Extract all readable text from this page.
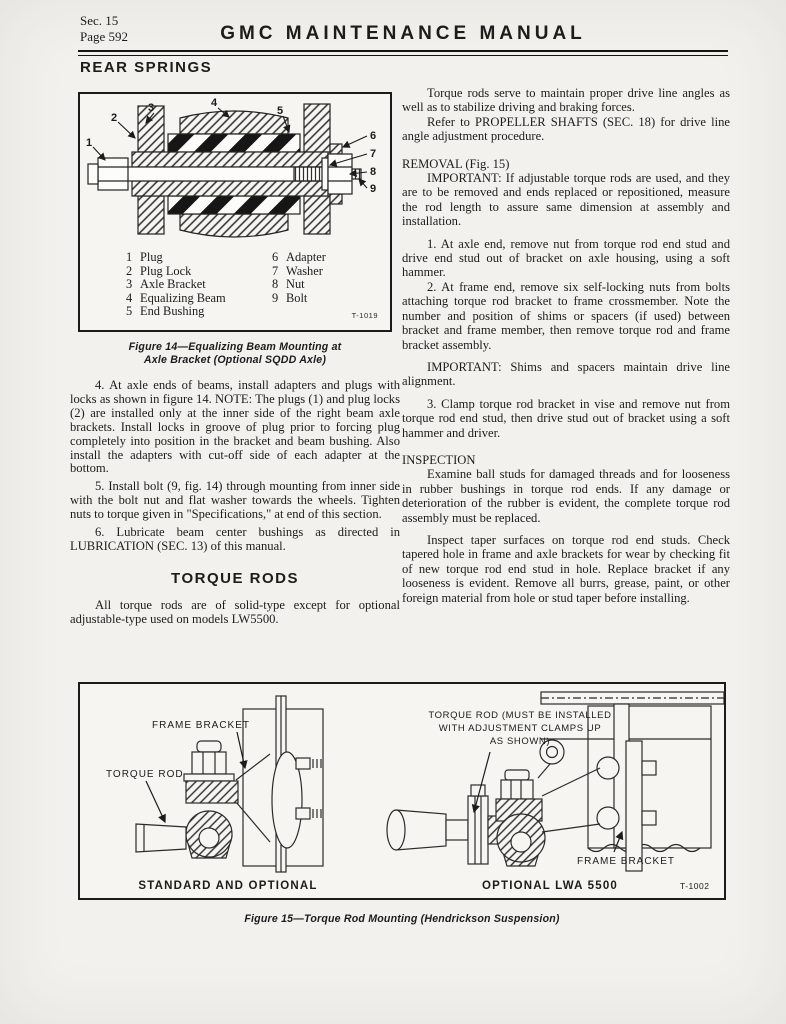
Sec. 15
Page 592	GMC MAINTENANCE MANUAL
REAR SPRINGS
1
2
3	4
5
6
7
8
9
1 Plug
2 Plug Lock
3 Axle Bracket
4 Equalizing Beam
5 End Bushing
6 Adapter
7 Washer
8 Nut
9 Bolt
T-1019
Figure 14—Equalizing Beam Mounting at
Axle Bracket (Optional SQDD Axle)

4. At axle ends of beams, install adapters and plugs with locks as shown in figure 14. NOTE: The plugs (1) and plug locks (2) are installed only at the inner side of the right beam axle brackets. Install locks in groove of plug prior to forcing plug completely into position in the bracket and beam bushing. Also install the adapters with cut-off side of each adapter at the bottom.

5. Install bolt (9, fig. 14) through mounting from inner side with the bolt nut and flat washer towards the wheels. Tighten nuts to torque given in "Specifications," at end of this section.

6. Lubricate beam center bushings as directed in LUBRICATION (SEC. 13) of this manual.

TORQUE RODS

All torque rods are of solid-type except for optional adjustable-type used on models LW5500.

Torque rods serve to maintain proper drive line angles as well as to stabilize driving and braking forces.

Refer to PROPELLER SHAFTS (SEC. 18) for drive line angle adjustment procedure.

REMOVAL (Fig. 15)

IMPORTANT: If adjustable torque rods are used, and they are to be removed and ends replaced or repositioned, measure the rod length to assure same dimension at assembly and installation.

1. At axle end, remove nut from torque rod end stud and drive end stud out of bracket on axle housing, using a soft hammer.

2. At frame end, remove six self-locking nuts from bolts attaching torque rod bracket to frame crossmember. Note the number and position of shims or spacers (if used) between bracket and frame member, then remove torque rod and frame bracket assembly.

IMPORTANT: Shims and spacers maintain drive line alignment.

3. Clamp torque rod bracket in vise and remove nut from torque rod end stud, then drive stud out of bracket using a soft hammer and driver.

INSPECTION

Examine ball studs for damaged threads and for looseness in rubber bushings in torque rod ends. If any damage or deterioration of the rubber is evident, the complete torque rod assembly must be replaced.

Inspect taper surfaces on torque rod end studs. Check tapered hole in frame and axle brackets for wear by checking fit of new torque rod end stud in hole. Replace bracket if any looseness is evident. Remove all burrs, grease, paint, or other foreign material from hole or stud taper before installing.

FRAME BRACKET
TORQUE ROD
STANDARD AND OPTIONAL
TORQUE ROD (MUST BE INSTALLED
WITH ADJUSTMENT CLAMPS UP
AS SHOWN)
FRAME BRACKET
OPTIONAL LWA 5500	T-1002
Figure 15—Torque Rod Mounting (Hendrickson Suspension)
